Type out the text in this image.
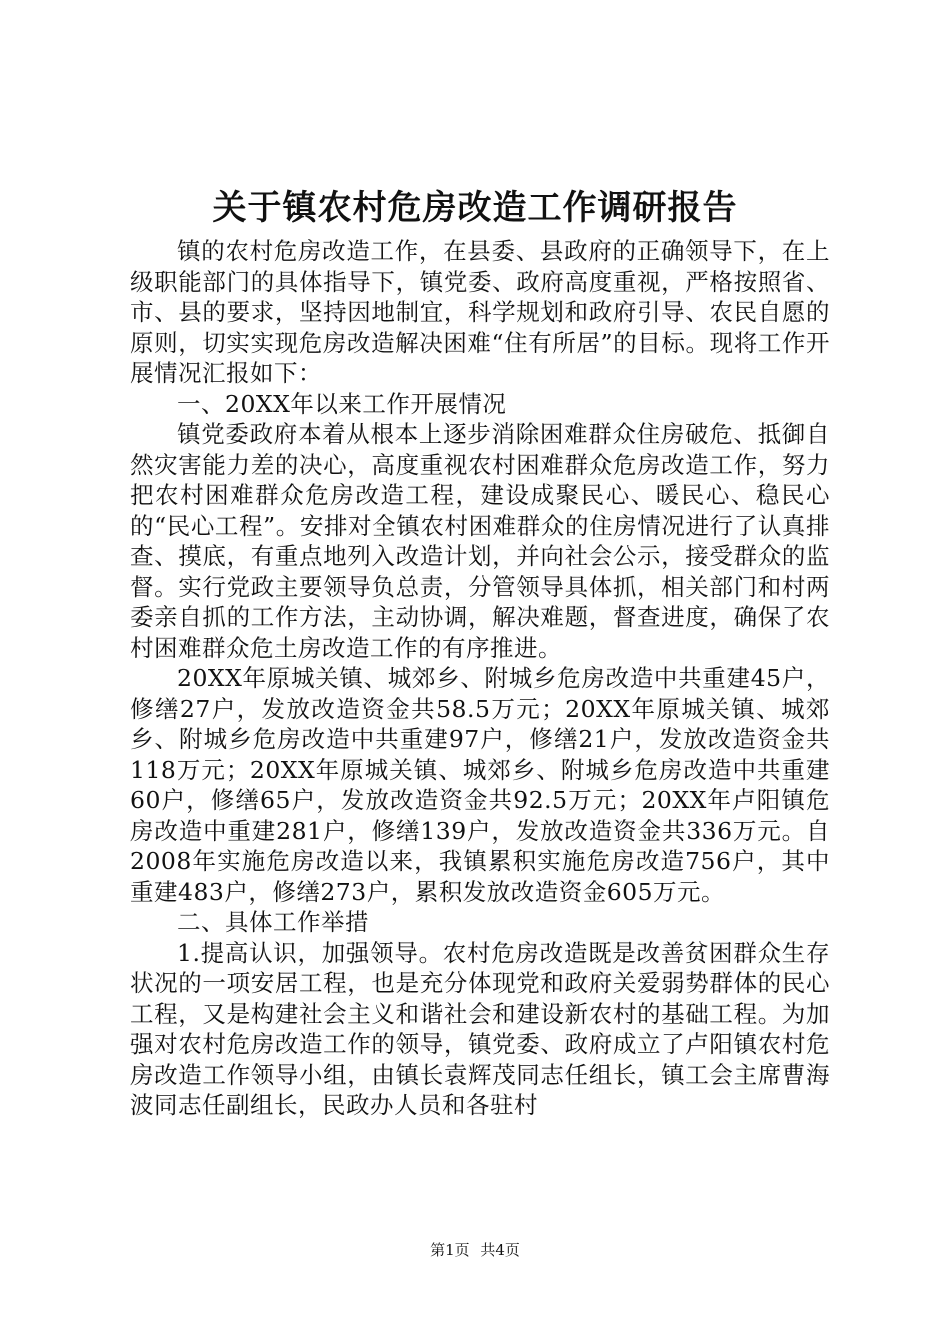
关于镇农村危房改造工作调研报告

镇的农村危房改造工作，在县委、县政府的正确领导下，在上级职能部门的具体指导下，镇党委、政府高度重视，严格按照省、市、县的要求，坚持因地制宜，科学规划和政府引导、农民自愿的原则，切实实现危房改造解决困难“住有所居”的目标。现将工作开展情况汇报如下：

一、20XX年以来工作开展情况

镇党委政府本着从根本上逐步消除困难群众住房破危、抵御自然灾害能力差的决心，高度重视农村困难群众危房改造工作，努力把农村困难群众危房改造工程，建设成聚民心、暖民心、稳民心的“民心工程”。安排对全镇农村困难群众的住房情况进行了认真排查、摸底，有重点地列入改造计划，并向社会公示，接受群众的监督。实行党政主要领导负总责，分管领导具体抓，相关部门和村两委亲自抓的工作方法，主动协调，解决难题，督查进度，确保了农村困难群众危土房改造工作的有序推进。

20XX年原城关镇、城郊乡、附城乡危房改造中共重建45户，修缮27户，发放改造资金共58.5万元；20XX年原城关镇、城郊乡、附城乡危房改造中共重建97户，修缮21户，发放改造资金共118万元；20XX年原城关镇、城郊乡、附城乡危房改造中共重建60户，修缮65户，发放改造资金共92.5万元；20XX年卢阳镇危房改造中重建281户，修缮139户，发放改造资金共336万元。自2008年实施危房改造以来，我镇累积实施危房改造756户，其中重建483户，修缮273户，累积发放改造资金605万元。

二、具体工作举措

1.提高认识，加强领导。农村危房改造既是改善贫困群众生存状况的一项安居工程，也是充分体现党和政府关爱弱势群体的民心工程，又是构建社会主义和谐社会和建设新农村的基础工程。为加强对农村危房改造工作的领导，镇党委、政府成立了卢阳镇农村危房改造工作领导小组，由镇长袁辉茂同志任组长，镇工会主席曹海波同志任副组长，民政办人员和各驻村

第1页 共4页
